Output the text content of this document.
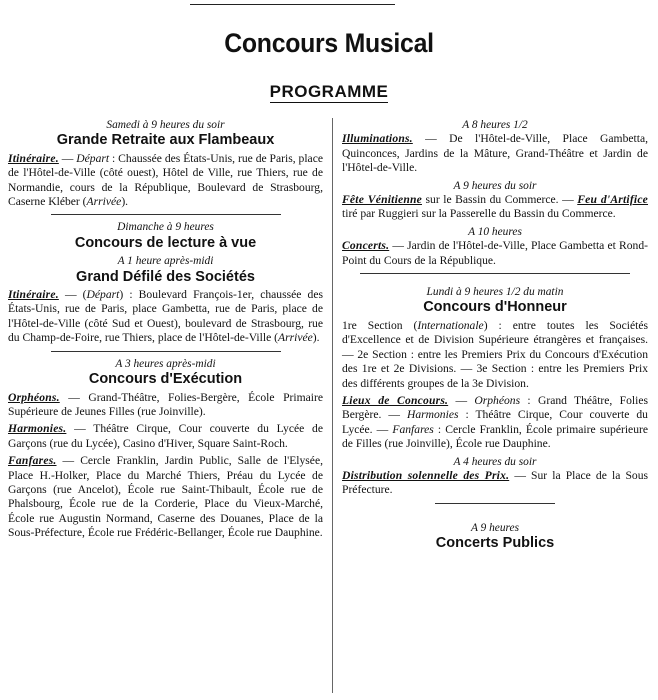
Concours Musical
PROGRAMME
Samedi à 9 heures du soir
Grande Retraite aux Flambeaux

Itinéraire. — Départ : Chaussée des États-Unis, rue de Paris, place de l'Hôtel-de-Ville (côté ouest), Hôtel de Ville, rue Thiers, rue de Normandie, cours de la République, Boulevard de Strasbourg, Caserne Kléber (Arrivée).

Dimanche à 9 heures
Concours de lecture à vue
A 1 heure après-midi
Grand Défilé des Sociétés

Itinéraire. — (Départ) : Boulevard François-1er, chaussée des États-Unis, rue de Paris, place Gambetta, rue de Paris, place de l'Hôtel-de-Ville (côté Sud et Ouest), boulevard de Strasbourg, rue du Champ-de-Foire, rue Thiers, place de l'Hôtel-de-Ville (Arrivée).

A 3 heures après-midi
Concours d'Exécution

Orphéons. — Grand-Théâtre, Folies-Bergère, École Primaire Supérieure de Jeunes Filles (rue Joinville).

Harmonies. — Théâtre Cirque, Cour couverte du Lycée de Garçons (rue du Lycée), Casino d'Hiver, Square Saint-Roch.

Fanfares. — Cercle Franklin, Jardin Public, Salle de l'Elysée, Place H.-Holker, Place du Marché Thiers, Préau du Lycée de Garçons (rue Ancelot), École rue Saint-Thibault, École rue de Phalsbourg, École rue de la Corderie, Place du Vieux-Marché, École rue Augustin Normand, Caserne des Douanes, Place de la Sous-Préfecture, École rue Frédéric-Bellanger, École rue Dauphine.

A 8 heures 1/2

Illuminations. — De l'Hôtel-de-Ville, Place Gambetta, Quinconces, Jardins de la Mâture, Grand-Théâtre et Jardin de l'Hôtel-de-Ville.

A 9 heures du soir

Fête Vénitienne sur le Bassin du Commerce. — Feu d'Artifice tiré par Ruggieri sur la Passerelle du Bassin du Commerce.

A 10 heures

Concerts. — Jardin de l'Hôtel-de-Ville, Place Gambetta et Rond-Point du Cours de la République.

Lundi à 9 heures 1/2 du matin
Concours d'Honneur

1re Section (Internationale) : entre toutes les Sociétés d'Excellence et de Division Supérieure étrangères et françaises. — 2e Section : entre les Premiers Prix du Concours d'Exécution des 1re et 2e Divisions. — 3e Section : entre les Premiers Prix des différents groupes de la 3e Division.

Lieux de Concours. — Orphéons : Grand Théâtre, Folies Bergère. — Harmonies : Théâtre Cirque, Cour couverte du Lycée. — Fanfares : Cercle Franklin, École primaire supérieure de Filles (rue Joinville), École rue Dauphine.

A 4 heures du soir

Distribution solennelle des Prix. — Sur la Place de la Sous Préfecture.

A 9 heures
Concerts Publics
